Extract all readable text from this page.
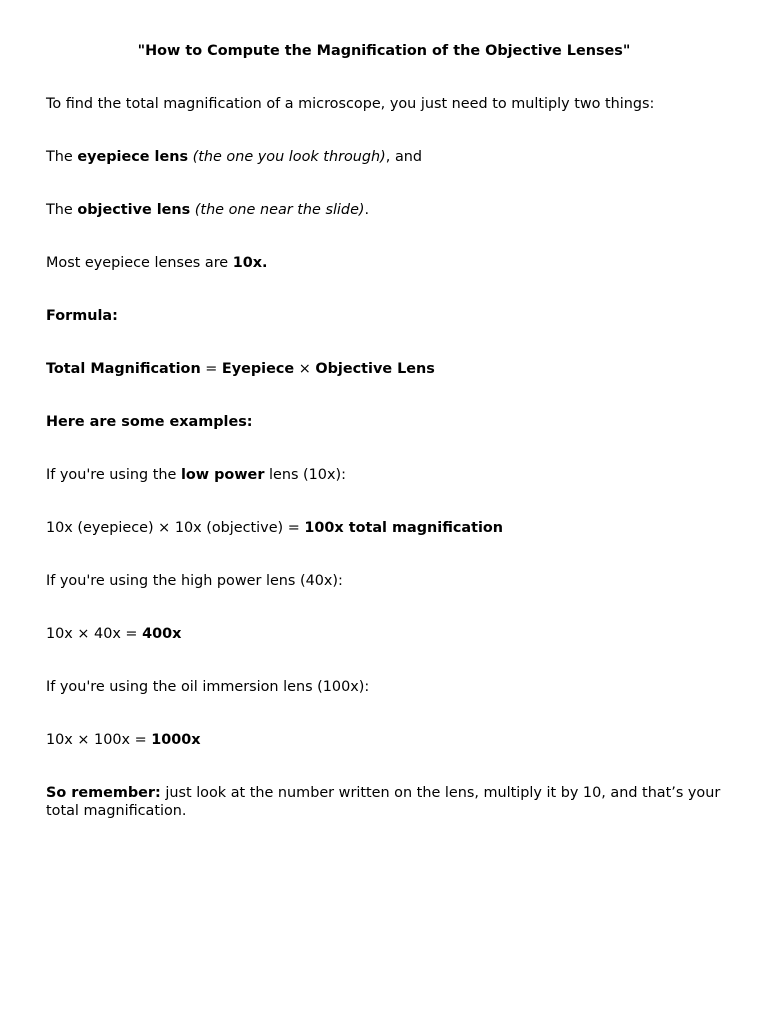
"How to Compute the Magnification of the Objective Lenses"

To find the total magnification of a microscope, you just need to multiply two things:

The eyepiece lens (the one you look through), and

The objective lens (the one near the slide).

Most eyepiece lenses are 10x.

Formula:

Total Magnification = Eyepiece × Objective Lens

Here are some examples:

If you're using the low power lens (10x):

10x (eyepiece) × 10x (objective) = 100x total magnification

If you're using the high power lens (40x):

10x × 40x = 400x

If you're using the oil immersion lens (100x):

10x × 100x = 1000x

So remember: just look at the number written on the lens, multiply it by 10, and that’s your total magnification.
